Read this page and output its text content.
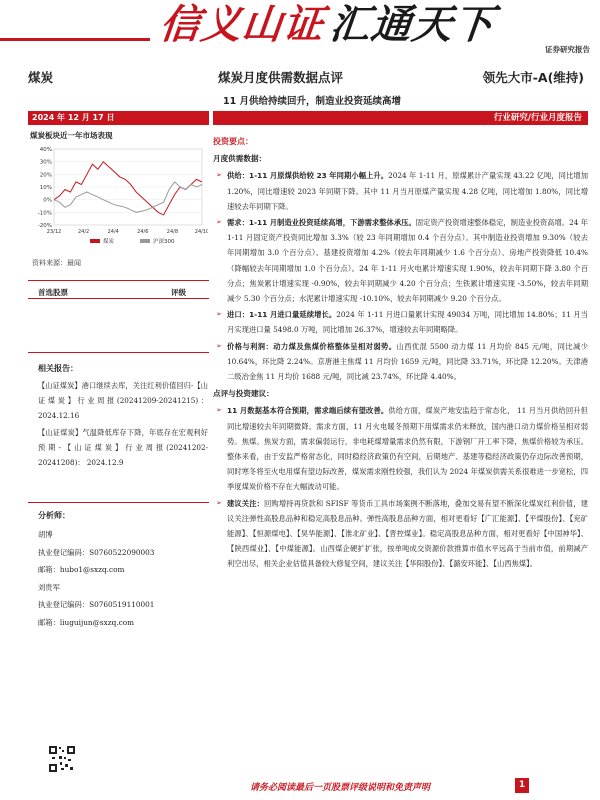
信义山证汇通天下
证券研究报告
煤炭	煤炭月度供需数据点评	领先大市-A(维持)
11 月供给持续回升，制造业投资延续高增
2024 年 12 月 17 日	行业研究/行业月度报告
煤炭板块近一年市场表现
40%
30%
20%
10%
0%
-10%
-20%
23/12	24/2	24/4	24/6	24/8	24/10
煤炭	沪深300
资料来源：最闻
首选股票	评级
相关报告：

【山证煤炭】港口继续去库，关注红利价值回归-【山证煤炭】行业周报(20241209-20241215)： 2024.12.16

【山证煤炭】气温降低库存下降，年底存在宏观利好预期-【山证煤炭】行业周报(20241202-20241208)： 2024.12.9

分析师：
胡博
执业登记编码：S0760522090003
邮箱：hubo1@sxzq.com
刘贵军
执业登记编码：S0760519110001
邮箱：liuguijun@sxzq.com
投资要点：
月度供需数据：
➢ 供给：1-11 月原煤供给较 23 年同期小幅上升。2024 年 1-11 月，原煤累计产量实现 43.22 亿吨，同比增加 1.20%，同比增速较 2023 年同期下降。其中 11 月当月原煤产量实现 4.28 亿吨，同比增加 1.80%，同比增速较去年同期下降。
➢ 需求：1-11 月制造业投资延续高增，下游需求整体承压。固定资产投资增速整体稳定，制造业投资高增。24 年 1-11 月固定资产投资同比增加 3.3%（较 23 年同期增加 0.4 个百分点）。其中制造业投资增加 9.30%（较去年同期增加 3.0 个百分点）、基建投资增加 4.2%（较去年同期减少 1.6 个百分点）、房地产投资降低 10.4%（降幅较去年同期增加 1.0 个百分点）。24 年 1-11 月火电累计增速实现 1.90%，较去年同期下降 3.80 个百分点；焦炭累计增速实现 -0.90%，较去年同期减少 4.20 个百分点；生铁累计增速实现 -3.50%，较去年同期减少 5.30 个百分点；水泥累计增速实现 -10.10%，较去年同期减少 9.20 个百分点。
➢ 进口：1-11 月进口量延续增长。2024 年 1-11 月进口量累计实现 49034 万吨，同比增加 14.80%；11 月当月实现进口量 5498.0 万吨，同比增加 26.37%，增速较去年同期略降。
➢ 价格与利润：动力煤及焦煤价格整体呈相对弱势。山西优混 5500 动力煤 11 月均价 845 元/吨，同比减少 10.64%，环比降 2.24%。京唐港主焦煤 11 月均价 1659 元/吨，同比降 33.71%，环比降 12.20%。天津港二级冶金焦 11 月均价 1688 元/吨，同比减 23.74%，环比降 4.40%。
点评与投资建议：
➢ 11 月数据基本符合预期，需求端后续有望改善。供给方面，煤炭产地安监趋于常态化， 11 月当月供给回升但同比增速较去年同期微降。需求方面，11 月火电暖冬预期下用煤需求仍未释放，国内港口动力煤价格呈相对弱势。焦煤、焦炭方面，需求偏弱运行，非电耗煤增量需求仍然有限，下游钢厂开工率下降，焦煤价格较为承压。整体来看，由于安监严格常态化，同时稳经济政策仍有空间，后期地产、基建等稳经济政策仍存边际改善预期，同时寒冬将至火电用煤有望边际改善，煤炭需求刚性较强，我们认为 2024 年煤炭供需关系很难进一步宽松，四季度煤炭价格不存在大幅波动可能。
➢ 建议关注：回购增持再贷款和 SFISF 等货币工具市场案例不断落地，叠加交易有望不断深化煤炭红利价值，建议关注弹性高股息品种和稳定高股息品种。弹性高股息品种方面，相对更看好【广汇能源】、【平煤股份】、【兖矿能源】、【恒源煤电】、【昊华能源】、【淮北矿业】、【晋控煤业】。稳定高股息品种方面，相对更看好【中国神华】、【陕西煤业】、【中煤能源】。山西煤企硬扩扩张，按单吨成交资源价款推算市值水平远高于当前市值，前期减产利空出尽，相关企业估值具备较大修复空间，建议关注【华阳股份】、【潞安环能】、【山西焦煤】。
请务必阅读最后一页股票评级说明和免责声明	1
